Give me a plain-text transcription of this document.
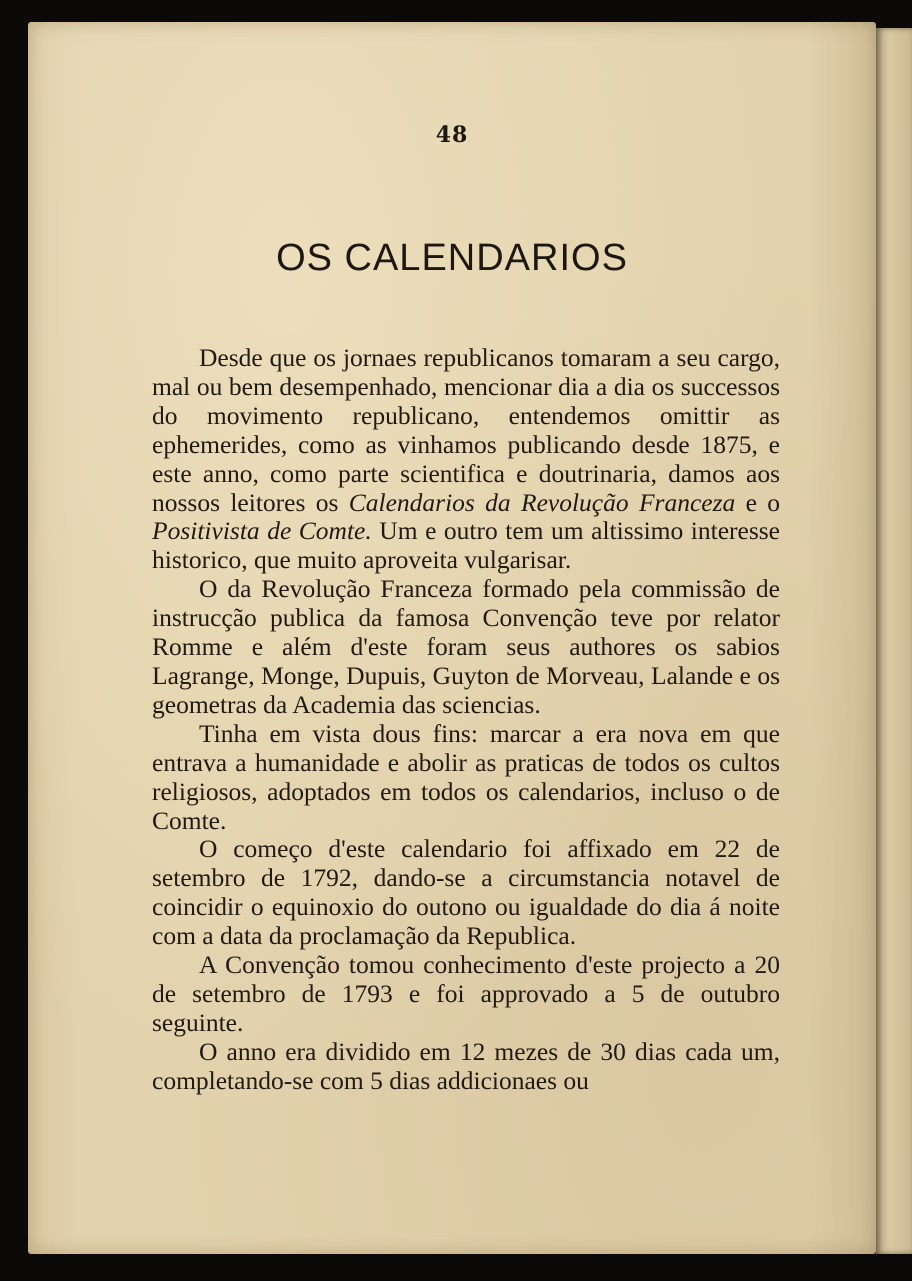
48
OS CALENDARIOS

Desde que os jornaes republicanos tomaram a seu cargo, mal ou bem desempenhado, mencionar dia a dia os successos do movimento republicano, entendemos omittir as ephemerides, como as vinhamos publicando desde 1875, e este anno, como parte scientifica e doutrinaria, damos aos nossos leitores os Calendarios da Revolução Franceza e o Positivista de Comte. Um e outro tem um altissimo interesse historico, que muito aproveita vulgarisar.

O da Revolução Franceza formado pela commissão de instrucção publica da famosa Convenção teve por relator Romme e além d'este foram seus authores os sabios Lagrange, Monge, Dupuis, Guyton de Morveau, Lalande e os geometras da Academia das sciencias.

Tinha em vista dous fins: marcar a era nova em que entrava a humanidade e abolir as praticas de todos os cultos religiosos, adoptados em todos os calendarios, incluso o de Comte.

O começo d'este calendario foi affixado em 22 de setembro de 1792, dando-se a circumstancia notavel de coincidir o equinoxio do outono ou igualdade do dia á noite com a data da proclamação da Republica.

A Convenção tomou conhecimento d'este projecto a 20 de setembro de 1793 e foi approvado a 5 de outubro seguinte.

O anno era dividido em 12 mezes de 30 dias cada um, completando-se com 5 dias addicionaes ou
